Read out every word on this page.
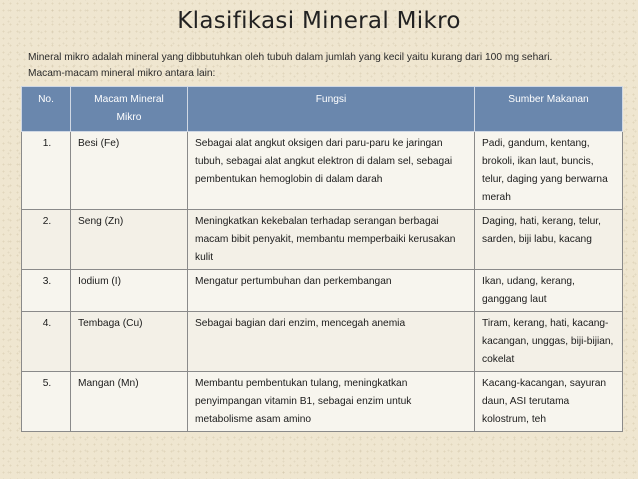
Klasifikasi Mineral Mikro
Mineral mikro adalah mineral yang dibbutuhkan oleh tubuh dalam jumlah yang kecil yaitu kurang dari 100 mg sehari.
Macam-macam mineral mikro antara lain:
No.	Macam Mineral Mikro	Fungsi	Sumber Makanan
1.	Besi (Fe)	Sebagai alat angkut oksigen dari paru-paru ke jaringan tubuh, sebagai alat angkut elektron di dalam sel, sebagai pembentukan hemoglobin di dalam darah	Padi, gandum, kentang, brokoli, ikan laut, buncis, telur, daging yang berwarna merah
2.	Seng (Zn)	Meningkatkan kekebalan terhadap serangan berbagai macam bibit penyakit, membantu memperbaiki kerusakan kulit	Daging, hati, kerang, telur, sarden, biji labu, kacang
3.	Iodium (I)	Mengatur pertumbuhan dan perkembangan	Ikan, udang, kerang, ganggang laut
4.	Tembaga (Cu)	Sebagai bagian dari enzim, mencegah anemia	Tiram, kerang, hati, kacang-kacangan, unggas, biji-bijian, cokelat
5.	Mangan (Mn)	Membantu pembentukan tulang, meningkatkan penyimpangan vitamin B1, sebagai enzim untuk metabolisme asam amino	Kacang-kacangan, sayuran daun, ASI terutama kolostrum, teh
